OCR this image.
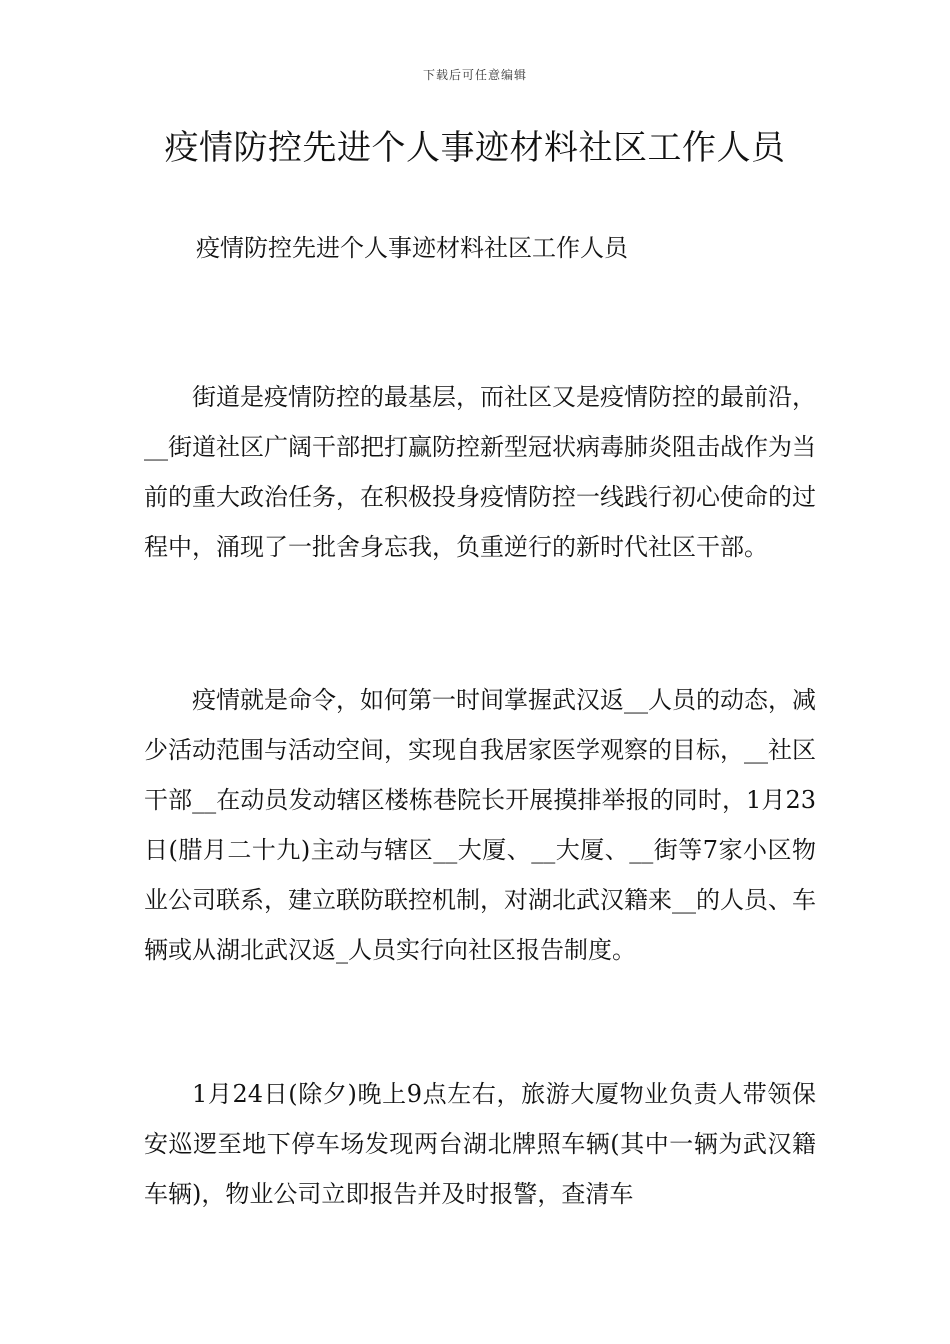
下载后可任意编辑
疫情防控先进个人事迹材料社区工作人员
疫情防控先进个人事迹材料社区工作人员

街道是疫情防控的最基层，而社区又是疫情防控的最前沿，__街道社区广阔干部把打赢防控新型冠状病毒肺炎阻击战作为当前的重大政治任务，在积极投身疫情防控一线践行初心使命的过程中，涌现了一批舍身忘我，负重逆行的新时代社区干部。

疫情就是命令，如何第一时间掌握武汉返__人员的动态，减少活动范围与活动空间，实现自我居家医学观察的目标，__社区干部__在动员发动辖区楼栋巷院长开展摸排举报的同时，1月23日(腊月二十九)主动与辖区__大厦、__大厦、__街等7家小区物业公司联系，建立联防联控机制，对湖北武汉籍来__的人员、车辆或从湖北武汉返_人员实行向社区报告制度。

1月24日(除夕)晚上9点左右，旅游大厦物业负责人带领保安巡逻至地下停车场发现两台湖北牌照车辆(其中一辆为武汉籍车辆)，物业公司立即报告并及时报警，查清车
